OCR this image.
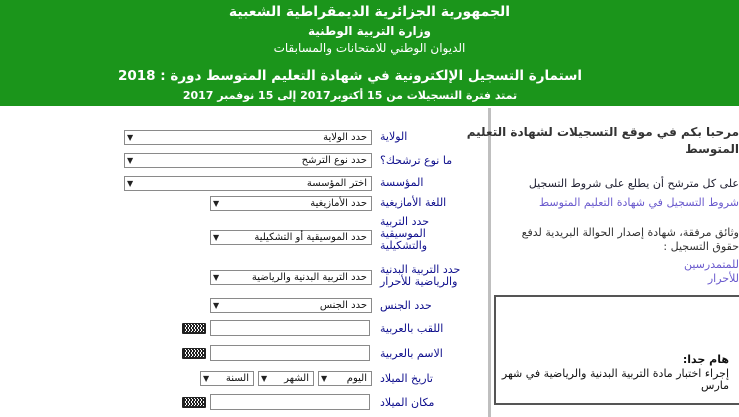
الجمهورية الجزائرية الديمقراطية الشعبية
وزارة التربية الوطنية
الديوان الوطني للامتحانات والمسابقات
استمارة التسجيل الإلكترونية في شهادة التعليم المتوسط دورة : 2018
تمتد فترة التسجيلات من 15 أكتوبر2017 إلى 15 نوفمبر 2017
الولاية
حدد الولاية
▼
ما نوع ترشحك؟
حدد نوع الترشح
▼
المؤسسة
اختر المؤسسة
▼
اللغة الأمازيغية
حدد الأمازيغية
▼
حدد التربية الموسيقية والتشكيلية
حدد الموسيقية أو التشكيلية
▼
حدد التربية البدنية والرياضية للأحرار
حدد التربية البدنية والرياضية
▼
حدد الجنس
حدد الجنس
▼
اللقب بالعربية
الاسم بالعربية
تاريخ الميلاد
اليوم
▼
الشهر
▼
السنة
▼
مكان الميلاد
مرحبا بكم في موقع التسجيلات لشهادة التعليم
المتوسط
على كل مترشح أن يطلع على شروط التسجيل
شروط التسجيل في شهادة التعليم المتوسط
وثائق مرفقة، شهادة إصدار الحوالة البريدية لدفع
حقوق التسجيل :
للمتمدرسين
للأحرار
هام جدا:
إجراء اختبار مادة التربية البدنية والرياضية في شهر مارس
